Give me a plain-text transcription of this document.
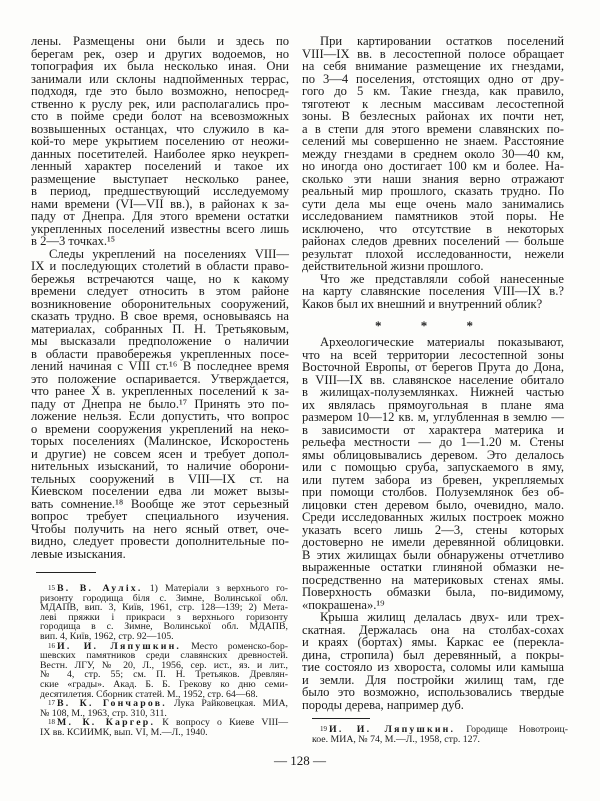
лены. Размещены они были и здесь по
берегам рек, озер и других водоемов, но
топография их была несколько иная. Они
занимали или склоны надпойменных террас,
подходя, где это было возможно, непосред-
ственно к руслу рек, или располагались про-
сто в пойме среди болот на всевозможных
возвышенных останцах, что служило в ка-
кой-то мере укрытием поселению от неожи-
данных посетителей. Наиболее ярко неукреп-
ленный характер поселений и такое их
размещение выступает несколько ранее,
в период, предшествующий исследуемому
нами времени (VI—VII вв.), в районах к за-
паду от Днепра. Для этого времени остатки
укрепленных поселений известны всего лишь
в 2—3 точках.¹⁵
Следы укреплений на поселениях VIII—
IX и последующих столетий в области право-
бережья встречаются чаще, но к какому
времени следует относить в этом районе
возникновение оборонительных сооружений,
сказать трудно. В свое время, основываясь на
материалах, собранных П. Н. Третьяковым,
мы высказали предположение о наличии
в области правобережья укрепленных посе-
лений начиная с VIII ст.¹⁶ В последнее время
это положение оспаривается. Утверждается,
что ранее X в. укрепленных поселений к за-
паду от Днепра не было.¹⁷ Принять это по-
ложение нельзя. Если допустить, что вопрос
о времени сооружения укреплений на неко-
торых поселениях (Малинское, Искоростень
и другие) не совсем ясен и требует допол-
нительных изысканий, то наличие оборони-
тельных сооружений в VIII—IX ст. на
Киевском поселении едва ли может вызы-
вать сомнение.¹⁸ Вообще же этот серьезный
вопрос требует специального изучения.
Чтобы получить на него ясный ответ, оче-
видно, следует провести дополнительные по-
левые изыскания.
При картировании остатков поселений
VIII—IX вв. в лесостепной полосе обращает
на себя внимание размещение их гнездами,
по 3—4 поселения, отстоящих одно от дру-
гого до 5 км. Такие гнезда, как правило,
тяготеют к лесным массивам лесостепной
зоны. В безлесных районах их почти нет,
а в степи для этого времени славянских по-
селений мы совершенно не знаем. Расстояние
между гнездами в среднем около 30—40 км,
но иногда оно достигает 100 км и более. На-
сколько эти наши знания верно отражают
реальный мир прошлого, сказать трудно. По
сути дела мы еще очень мало занимались
исследованием памятников этой поры. Не
исключено, что отсутствие в некоторых
районах следов древних поселений — больше
результат плохой исследованности, нежели
действительной жизни прошлого.
Что же представляли собой нанесенные
на карту славянские поселения VIII—IX в.?
Каков был их внешний и внутренний облик?
* * *
Археологические материалы показывают,
что на всей территории лесостепной зоны
Восточной Европы, от берегов Прута до Дона,
в VIII—IX вв. славянское население обитало
в жилищах-полуземлянках. Нижней частью
их являлась прямоугольная в плане яма
размером 10—12 кв. м, углубленная в землю —
в зависимости от характера материка и
рельефа местности — до 1—1.20 м. Стены
ямы облицовывались деревом. Это делалось
или с помощью сруба, запускаемого в яму,
или путем забора из бревен, укрепляемых
при помощи столбов. Полуземлянок без об-
лицовки стен деревом было, очевидно, мало.
Среди исследованных жилых построек можно
указать всего лишь 2—3, стены которых
достоверно не имели деревянной облицовки.
В этих жилищах были обнаружены отчетливо
выраженные остатки глиняной обмазки не-
посредственно на материковых стенах ямы.
Поверхность обмазки была, по-видимому,
«покрашена».¹⁹
Крыша жилищ делалась двух- или трех-
скатная. Держалась она на столбах-сохах
и краях (бортах) ямы. Каркас ее (перекла-
дина, стропила) был деревянный, а покры-
тие состояло из хвороста, соломы или камыша
и земли. Для постройки жилищ там, где
было это возможно, использовались твердые
породы дерева, например дуб.
$^{15}$ В. В. Ауліх. 1) Матеріали з верхнього го-
ризонту городища біля с. Зимне, Волинської обл.
МДАПВ, вип. 3, Київ, 1961, стр. 128—139; 2) Мета-
леві пряжки і прикраси з верхнього горизонту
городища в с. Зимне, Волинської обл. МДАПВ,
вип. 4, Київ, 1962, стр. 92—105.
$^{16}$ И. И. Ляпушкин. Место роменско-бор-
шевских памятников среди славянских древностей.
Вестн. ЛГУ, № 20, Л., 1956, сер. ист., яз. и лит.,
№ 4, стр. 55; см. П. Н. Третьяков. Древлян-
ские «грады». Акад. Б. Б. Грекову ко дню семи-
десятилетия. Сборник статей. М., 1952, стр. 64—68.
$^{17}$ В. К. Гончаров. Лука Райковецкая. МИА,
№ 108, М., 1963, стр. 310, 311.
$^{18}$ М. К. Каргер. К вопросу о Киеве VIII—
IX вв. КСИИМК, вып. VI, М.—Л., 1940.	$^{19}$ И. И. Ляпушкин. Городище Новотроиц-
кое. МИА, № 74, М.—Л., 1958, стр. 127.
— 128 —
